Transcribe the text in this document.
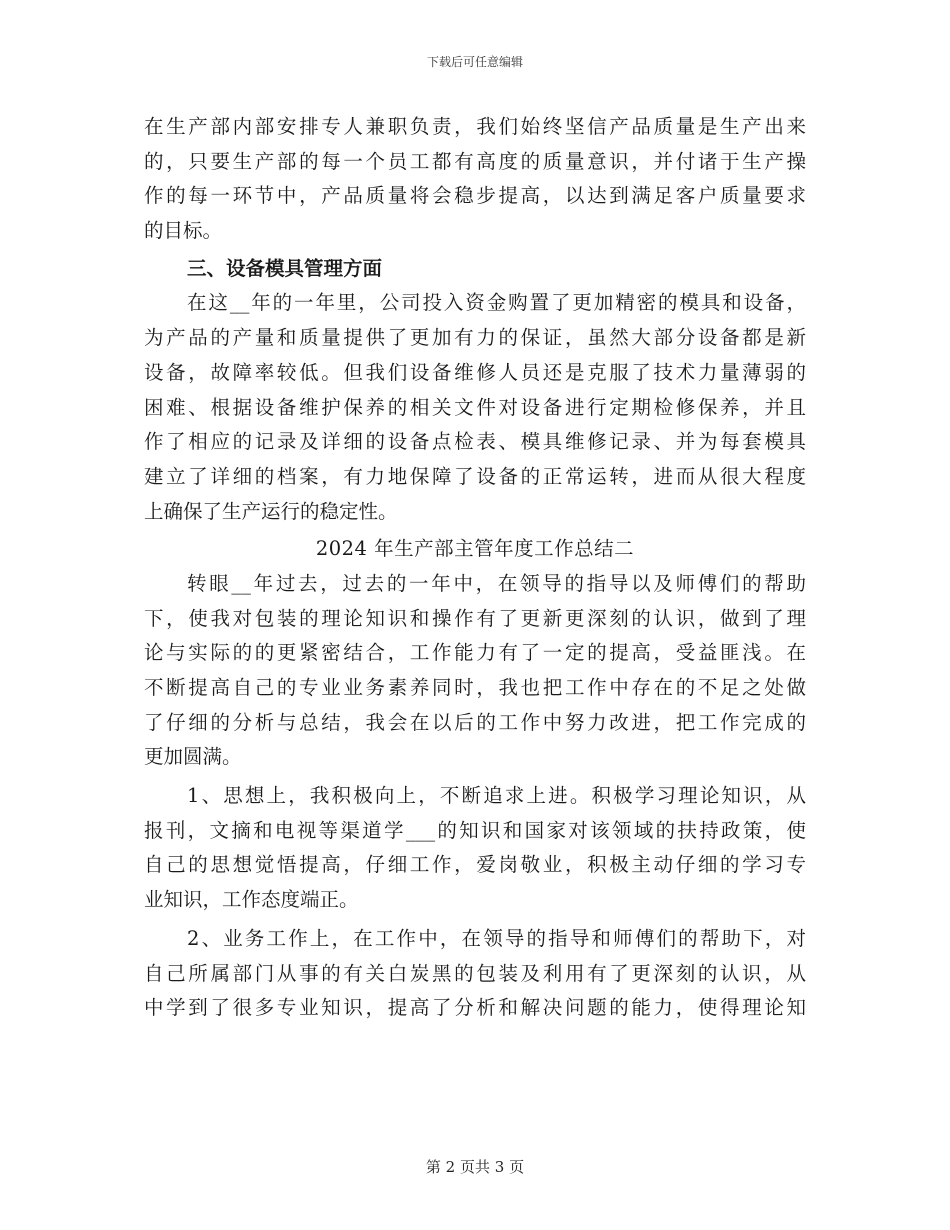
下载后可任意编辑
在生产部内部安排专人兼职负责，我们始终坚信产品质量是生产出来
的，只要生产部的每一个员工都有高度的质量意识，并付诸于生产操
作的每一环节中，产品质量将会稳步提高，以达到满足客户质量要求
的目标。
三、设备模具管理方面
在这__年的一年里，公司投入资金购置了更加精密的模具和设备，
为产品的产量和质量提供了更加有力的保证，虽然大部分设备都是新
设备，故障率较低。但我们设备维修人员还是克服了技术力量薄弱的
困难、根据设备维护保养的相关文件对设备进行定期检修保养，并且
作了相应的记录及详细的设备点检表、模具维修记录、并为每套模具
建立了详细的档案，有力地保障了设备的正常运转，进而从很大程度
上确保了生产运行的稳定性。
2024 年生产部主管年度工作总结二
转眼__年过去，过去的一年中，在领导的指导以及师傅们的帮助
下，使我对包装的理论知识和操作有了更新更深刻的认识，做到了理
论与实际的的更紧密结合，工作能力有了一定的提高，受益匪浅。在
不断提高自己的专业业务素养同时，我也把工作中存在的不足之处做
了仔细的分析与总结，我会在以后的工作中努力改进，把工作完成的
更加圆满。
1、思想上，我积极向上，不断追求上进。积极学习理论知识，从
报刊，文摘和电视等渠道学___的知识和国家对该领域的扶持政策，使
自己的思想觉悟提高，仔细工作，爱岗敬业，积极主动仔细的学习专
业知识，工作态度端正。
2、业务工作上，在工作中，在领导的指导和师傅们的帮助下，对
自己所属部门从事的有关白炭黑的包装及利用有了更深刻的认识，从
中学到了很多专业知识，提高了分析和解决问题的能力，使得理论知
第 2 页共 3 页
